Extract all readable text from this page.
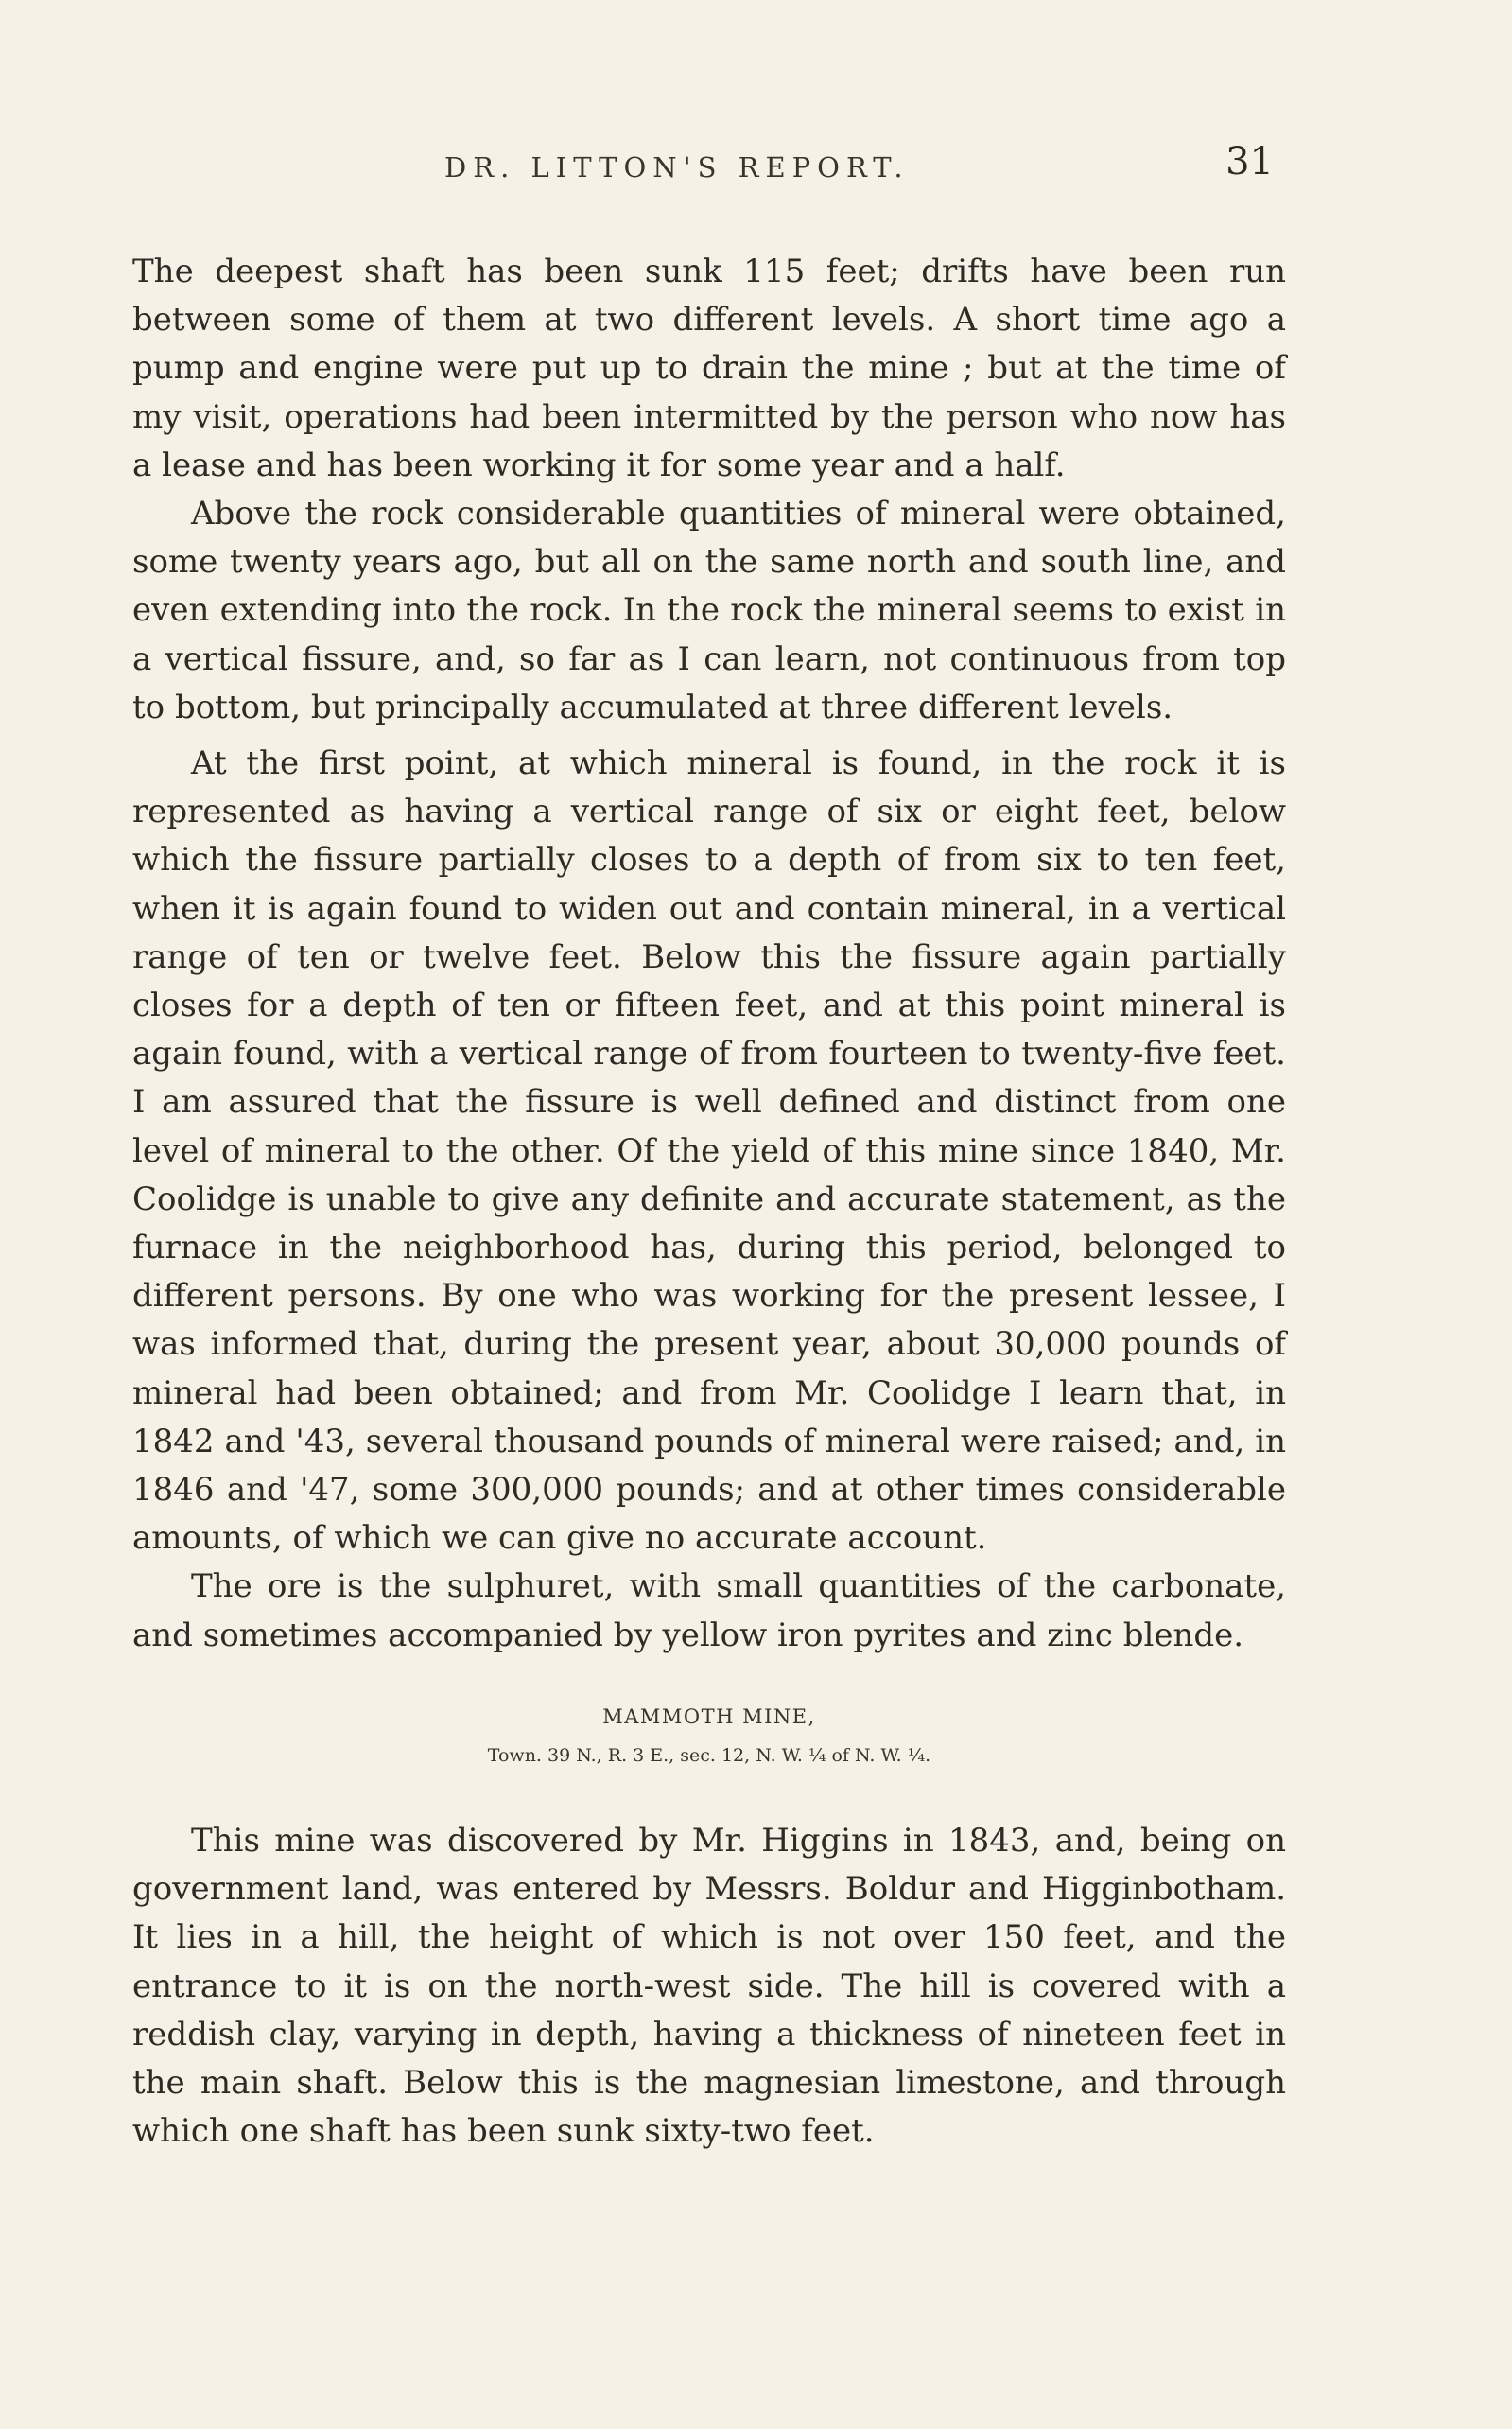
DR. LITTON'S REPORT.	31

The deepest shaft has been sunk 115 feet; drifts have been run between some of them at two different levels. A short time ago a pump and engine were put up to drain the mine ; but at the time of my visit, operations had been intermitted by the person who now has a lease and has been working it for some year and a half.

Above the rock considerable quantities of mineral were obtained, some twenty years ago, but all on the same north and south line, and even extending into the rock. In the rock the mineral seems to exist in a vertical fissure, and, so far as I can learn, not continuous from top to bottom, but principally accumulated at three different levels.

At the first point, at which mineral is found, in the rock it is represented as having a vertical range of six or eight feet, below which the fissure partially closes to a depth of from six to ten feet, when it is again found to widen out and contain mineral, in a vertical range of ten or twelve feet. Below this the fissure again partially closes for a depth of ten or fifteen feet, and at this point mineral is again found, with a vertical range of from fourteen to twenty-five feet. I am assured that the fissure is well defined and distinct from one level of mineral to the other. Of the yield of this mine since 1840, Mr. Coolidge is unable to give any definite and accurate statement, as the furnace in the neighborhood has, during this period, belonged to different persons. By one who was working for the present lessee, I was informed that, during the present year, about 30,000 pounds of mineral had been obtained; and from Mr. Coolidge I learn that, in 1842 and '43, several thousand pounds of mineral were raised; and, in 1846 and '47, some 300,000 pounds; and at other times considerable amounts, of which we can give no accurate account.

The ore is the sulphuret, with small quantities of the carbonate, and sometimes accompanied by yellow iron pyrites and zinc blende.

MAMMOTH MINE,
Town. 39 N., R. 3 E., sec. 12, N. W. ¼ of N. W. ¼.

This mine was discovered by Mr. Higgins in 1843, and, being on government land, was entered by Messrs. Boldur and Higginbotham. It lies in a hill, the height of which is not over 150 feet, and the entrance to it is on the north-west side. The hill is covered with a reddish clay, varying in depth, having a thickness of nineteen feet in the main shaft. Below this is the magnesian limestone, and through which one shaft has been sunk sixty-two feet.
